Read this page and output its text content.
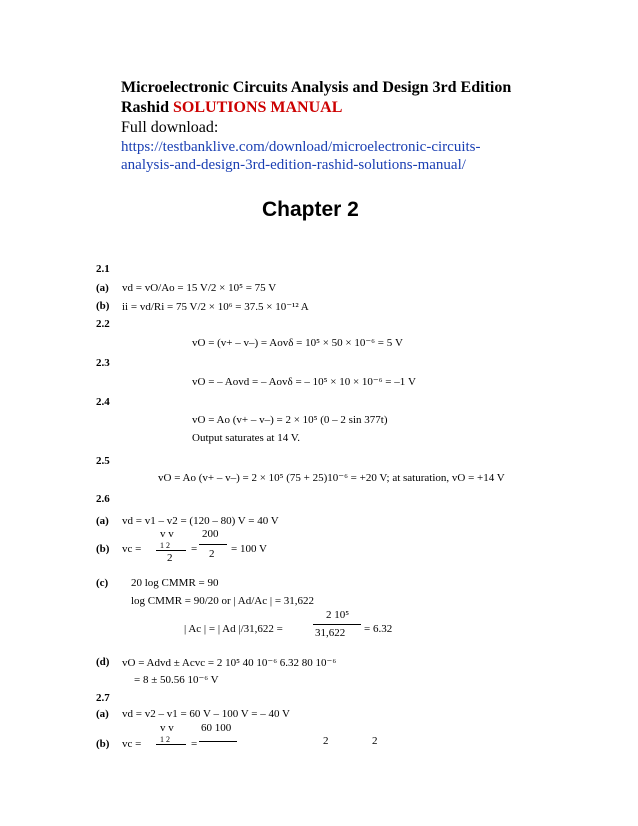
Microelectronic Circuits Analysis and Design 3rd Edition
Rashid SOLUTIONS MANUAL
Full download:
https://testbanklive.com/download/microelectronic-circuits-
analysis-and-design-3rd-edition-rashid-solutions-manual/
Chapter 2
2.1
(a) vd = vO/Ao = 15 V/2 × 10⁵ = 75 V
(b) ii = vd/Ri = 75 V/2 × 10⁶ = 37.5 × 10⁻¹² A
2.2
vO = (v+ – v–) = Aovδ = 10⁵ × 50 × 10⁻⁶ = 5 V
2.3
vO = – Aovd = – Aovδ = – 10⁵ × 10 × 10⁻⁶ = –1 V
2.4
vO = Ao (v+ – v–) = 2 × 10⁵ (0 – 2 sin 377t)
Output saturates at 14 V.
2.5
vO = Ao (v+ – v–) = 2 × 10⁵ (75 + 25)10⁻⁶ = +20 V; at saturation, vO = +14 V
2.6
(a) vd = v1 – v2 = (120 – 80) V = 40 V
(b) vc =
v v
1 2
2
=
200
2 = 100 V
(c) 20 log CMMR = 90
log CMMR = 90/20 or | Ad/Ac | = 31,622
| Ac | = | Ad |/31,622 =
2 10⁵
31,622 = 6.32
(d) vO = Advd ± Acvc = 2 10⁵ 40 10⁻⁶ 6.32 80 10⁻⁶
= 8 ± 50.56 10⁻⁶ V
2.7
(a) vd = v2 – v1 = 60 V – 100 V = – 40 V
(b) vc =
v v
1 2 =
60 100
2	2
